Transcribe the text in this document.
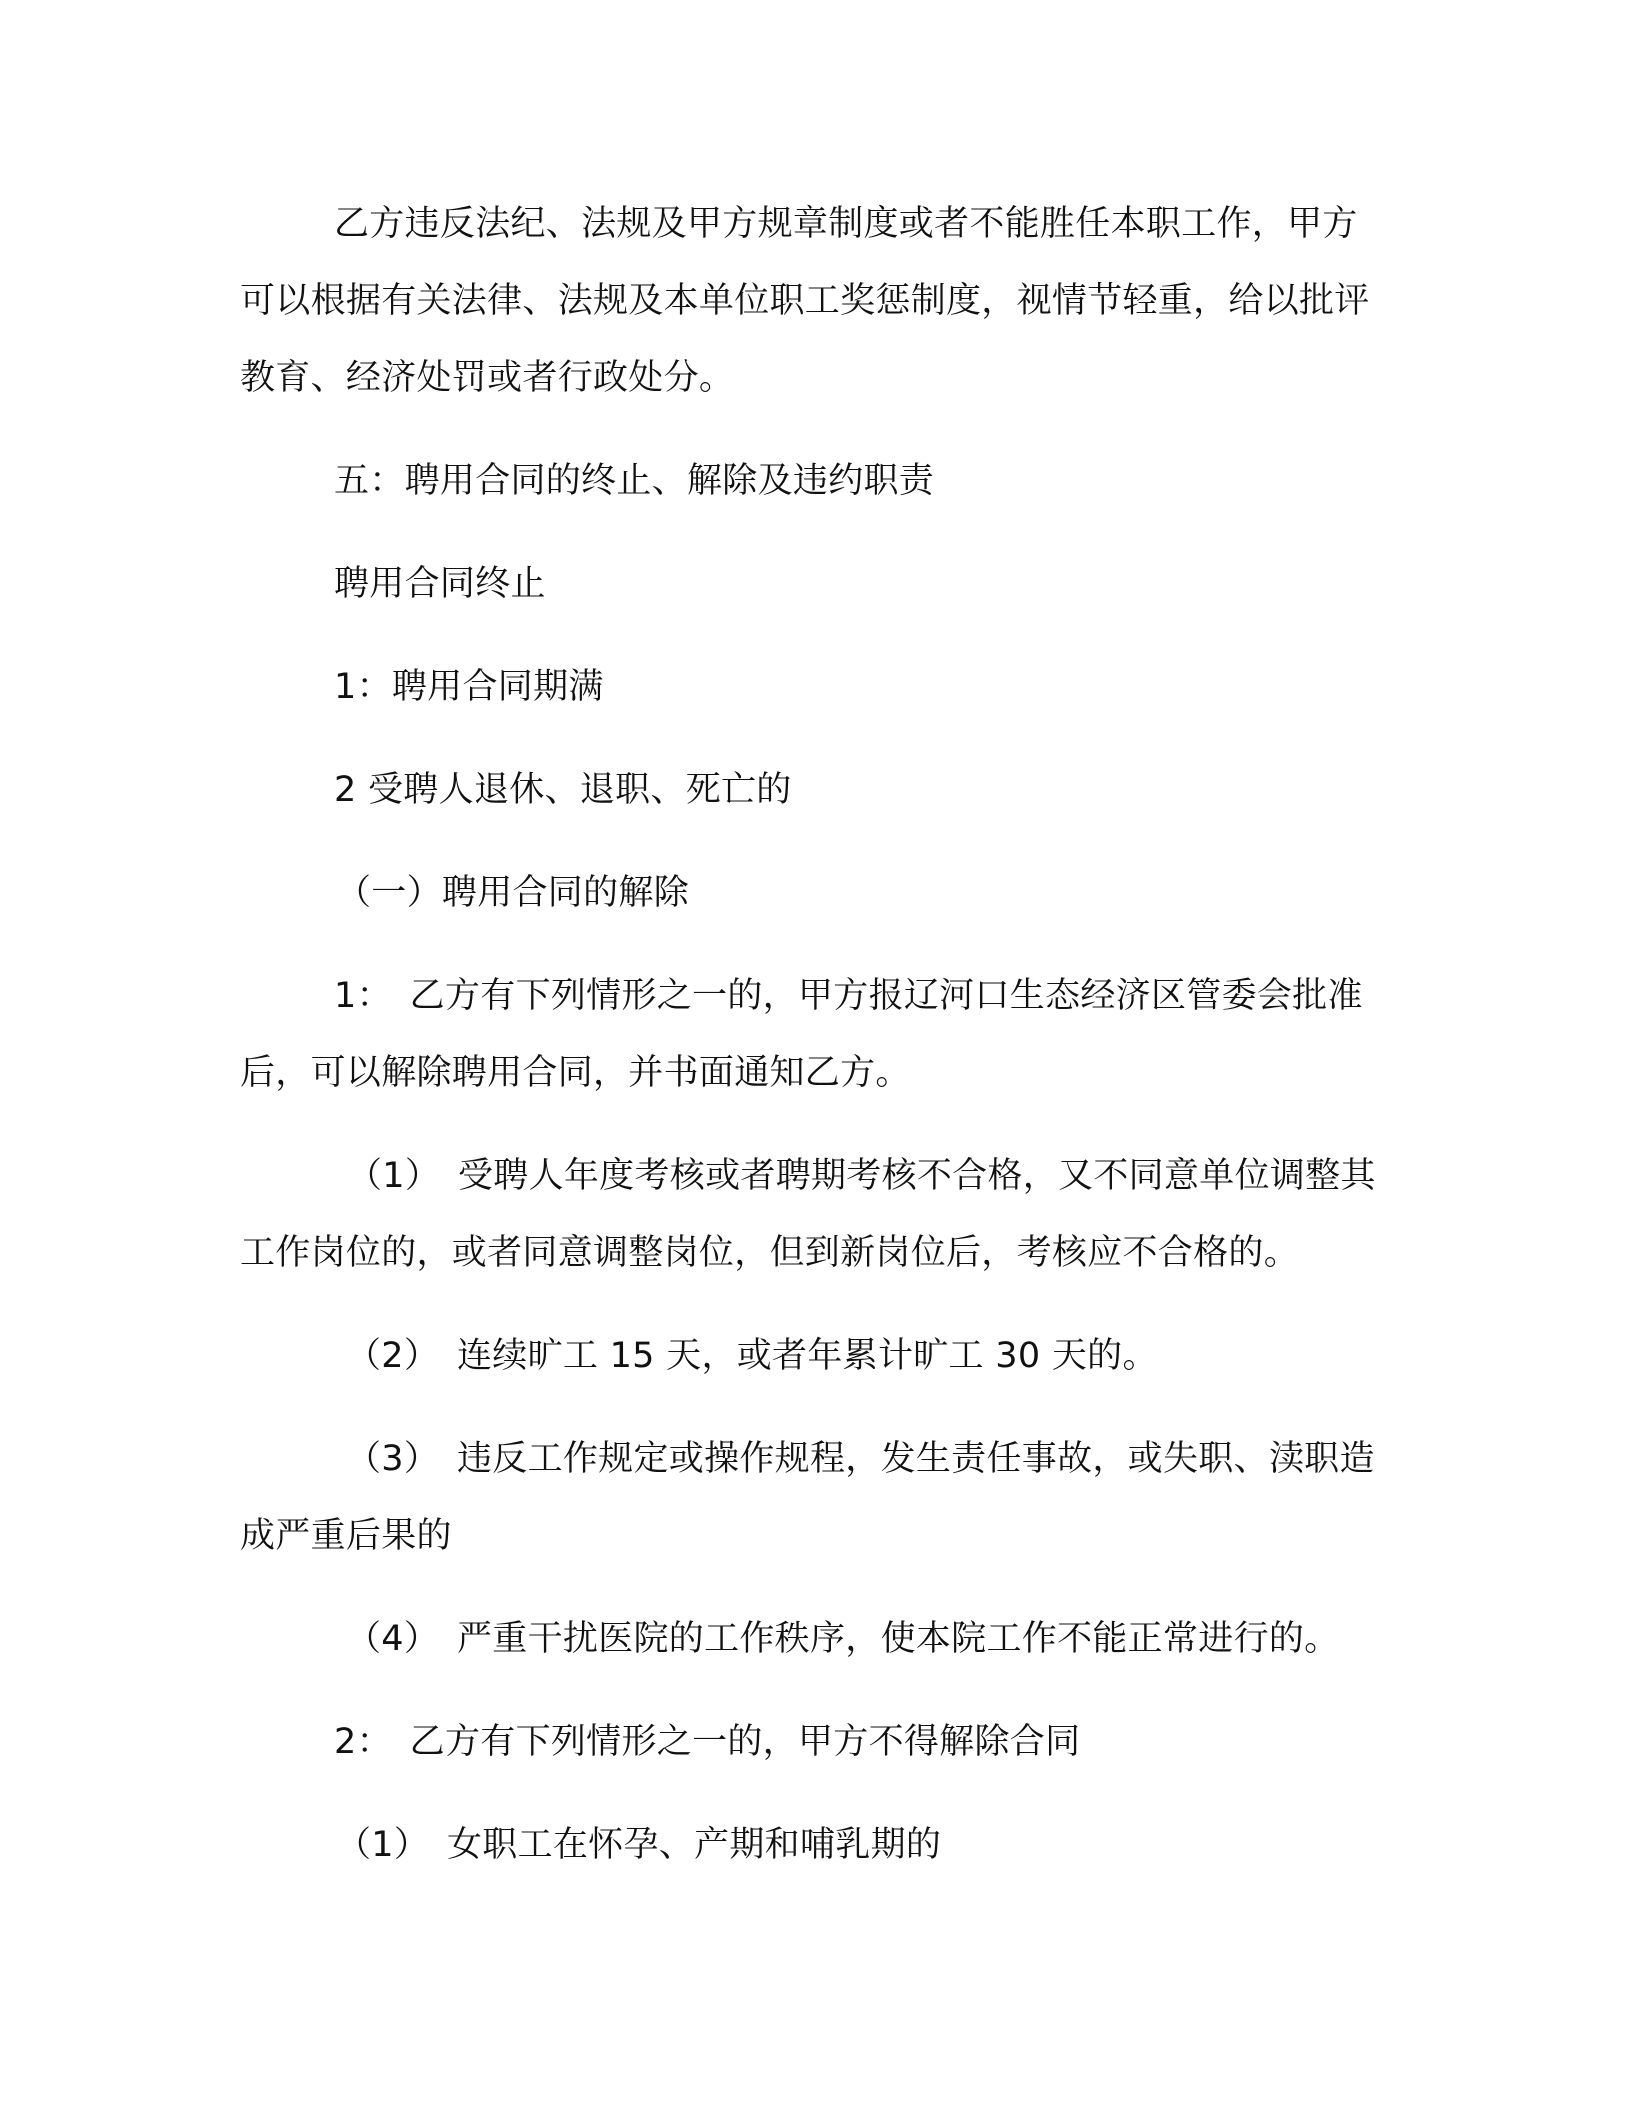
乙方违反法纪、法规及甲方规章制度或者不能胜任本职工作，甲方可以根据有关法律、法规及本单位职工奖惩制度，视情节轻重，给以批评教育、经济处罚或者行政处分。

五：聘用合同的终止、解除及违约职责

聘用合同终止

1：聘用合同期满

2 受聘人退休、退职、死亡的

（一）聘用合同的解除

1：　乙方有下列情形之一的，甲方报辽河口生态经济区管委会批准后，可以解除聘用合同，并书面通知乙方。

（1）　受聘人年度考核或者聘期考核不合格，又不同意单位调整其工作岗位的，或者同意调整岗位，但到新岗位后，考核应不合格的。

（2）　连续旷工 15 天，或者年累计旷工 30 天的。

（3）　违反工作规定或操作规程，发生责任事故，或失职、渎职造成严重后果的

（4）　严重干扰医院的工作秩序，使本院工作不能正常进行的。

2：　乙方有下列情形之一的，甲方不得解除合同

（1）　女职工在怀孕、产期和哺乳期的
